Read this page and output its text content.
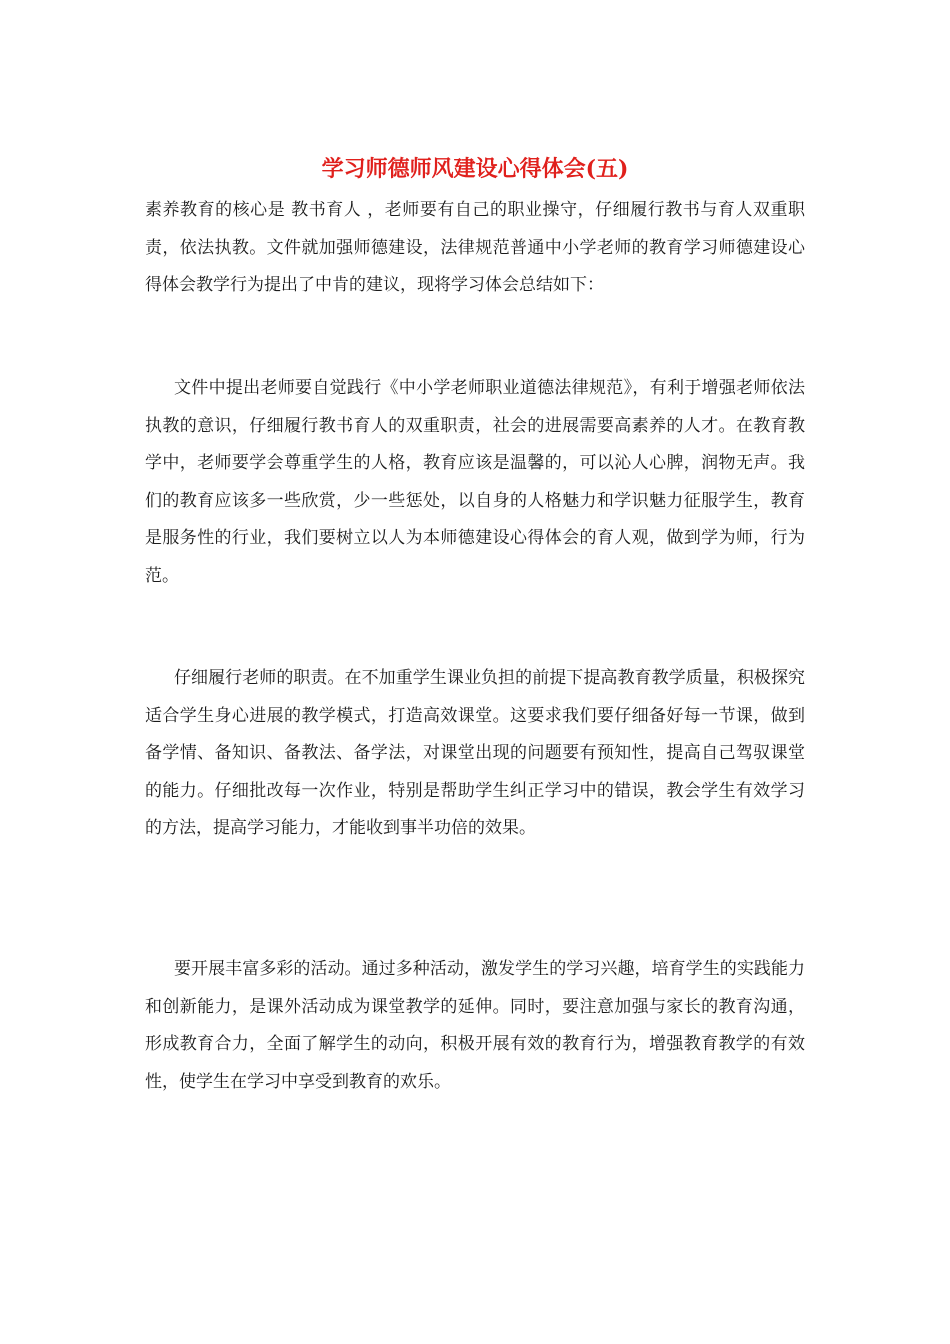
学习师德师风建设心得体会(五)

素养教育的核心是 教书育人 ，老师要有自己的职业操守，仔细履行教书与育人双重职责，依法执教。文件就加强师德建设，法律规范普通中小学老师的教育学习师德建设心得体会教学行为提出了中肯的建议，现将学习体会总结如下：

文件中提出老师要自觉践行《中小学老师职业道德法律规范》，有利于增强老师依法执教的意识，仔细履行教书育人的双重职责，社会的进展需要高素养的人才。在教育教学中，老师要学会尊重学生的人格，教育应该是温馨的，可以沁人心脾，润物无声。我们的教育应该多一些欣赏，少一些惩处，以自身的人格魅力和学识魅力征服学生，教育是服务性的行业，我们要树立以人为本师德建设心得体会的育人观，做到学为师，行为范。

仔细履行老师的职责。在不加重学生课业负担的前提下提高教育教学质量，积极探究适合学生身心进展的教学模式，打造高效课堂。这要求我们要仔细备好每一节课，做到备学情、备知识、备教法、备学法，对课堂出现的问题要有预知性，提高自己驾驭课堂的能力。仔细批改每一次作业，特别是帮助学生纠正学习中的错误，教会学生有效学习的方法，提高学习能力，才能收到事半功倍的效果。

要开展丰富多彩的活动。通过多种活动，激发学生的学习兴趣，培育学生的实践能力和创新能力，是课外活动成为课堂教学的延伸。同时，要注意加强与家长的教育沟通，形成教育合力，全面了解学生的动向，积极开展有效的教育行为，增强教育教学的有效性，使学生在学习中享受到教育的欢乐。
